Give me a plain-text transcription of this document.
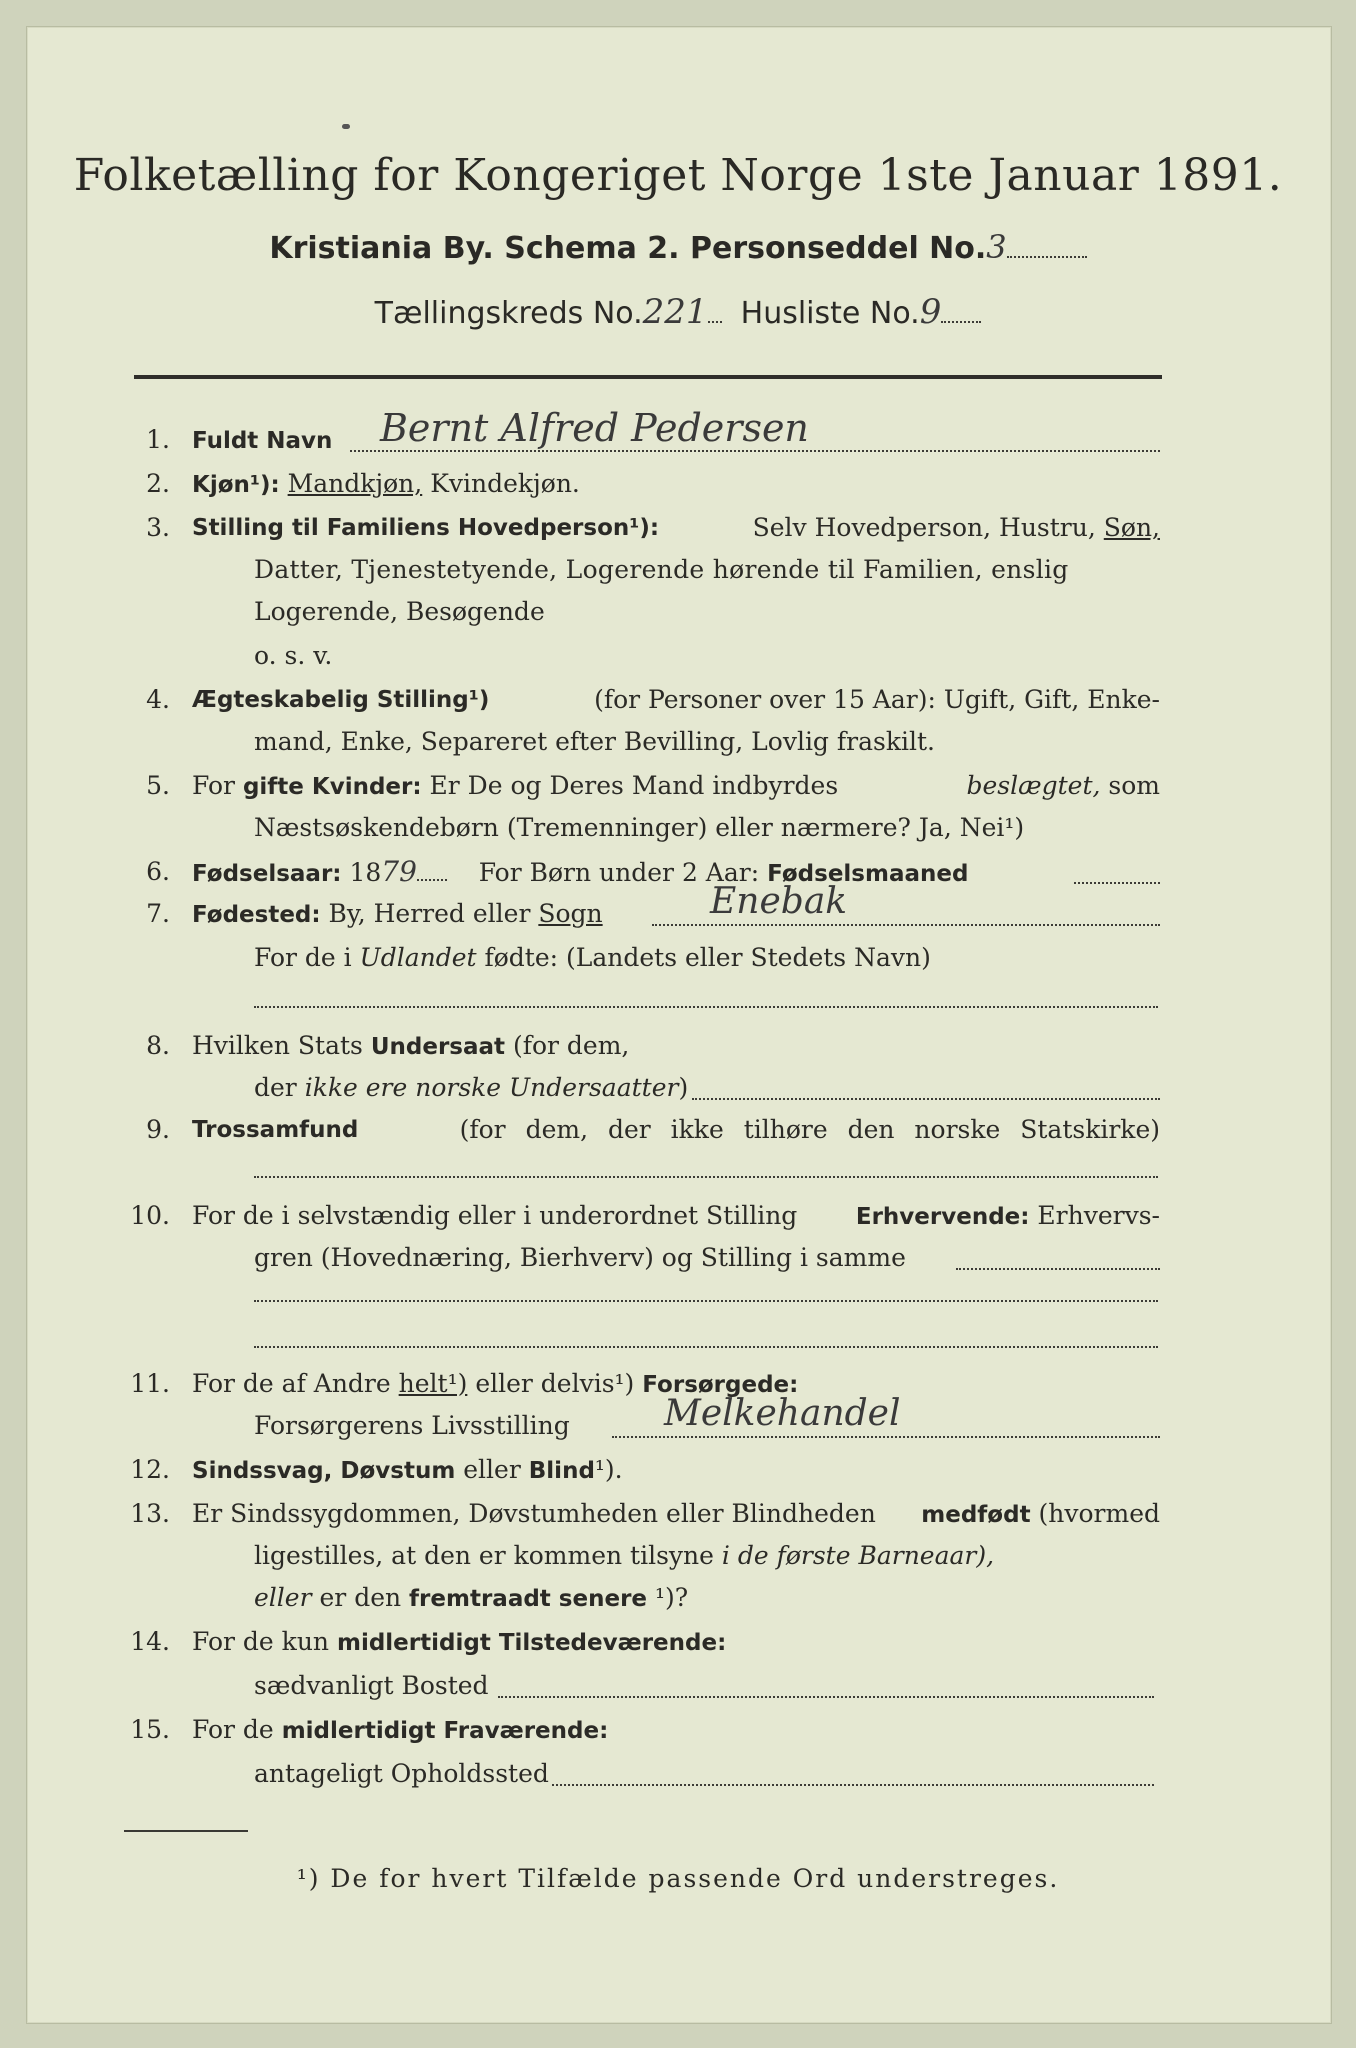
Folketælling for Kongeriget Norge 1ste Januar 1891.
Kristiania By. Schema 2. Personseddel No.3
Tællingskreds No.221 Husliste No.9
1. Fuldt Navn	Bernt Alfred Pedersen
2. Kjøn¹): Mandkjøn, Kvindekjøn.
3. Stilling til Familiens Hovedperson¹):	Selv Hovedperson, Hustru, Søn,
Datter, Tjenestetyende, Logerende hørende til Familien, enslig
Logerende, Besøgende
o. s. v.
4. Ægteskabelig Stilling¹)	(for Personer over 15 Aar): Ugift, Gift, Enke-
mand, Enke, Separeret efter Bevilling, Lovlig fraskilt.
5. For gifte Kvinder: Er De og Deres Mand indbyrdes	beslægtet, som
Næstsøskendebørn (Tremenninger) eller nærmere? Ja, Nei¹)
6. Fødselsaar: 1879 For Børn under 2 Aar: Fødselsmaaned
7. Fødested: By, Herred eller Sogn	Enebak
For de i Udlandet fødte: (Landets eller Stedets Navn)
8. Hvilken Stats Undersaat (for dem,
der ikke ere norske Undersaatter)
9. Trossamfund	(for dem, der ikke tilhøre den norske Statskirke)
10. For de i selvstændig eller i underordnet Stilling	Erhvervende: Erhvervs-
gren (Hovednæring, Bierhverv) og Stilling i samme
11. For de af Andre helt¹) eller delvis¹) Forsørgede:
Forsørgerens Livsstilling	Melkehandel
12. Sindssvag, Døvstum eller Blind¹).
13. Er Sindssygdommen, Døvstumheden eller Blindheden medfødt (hvormed
ligestilles, at den er kommen tilsyne i de første Barneaar),
eller er den fremtraadt senere ¹)?
14. For de kun midlertidigt Tilstedeværende:
sædvanligt Bosted
15. For de midlertidigt Fraværende:
antageligt Opholdssted
¹) De for hvert Tilfælde passende Ord understreges.
